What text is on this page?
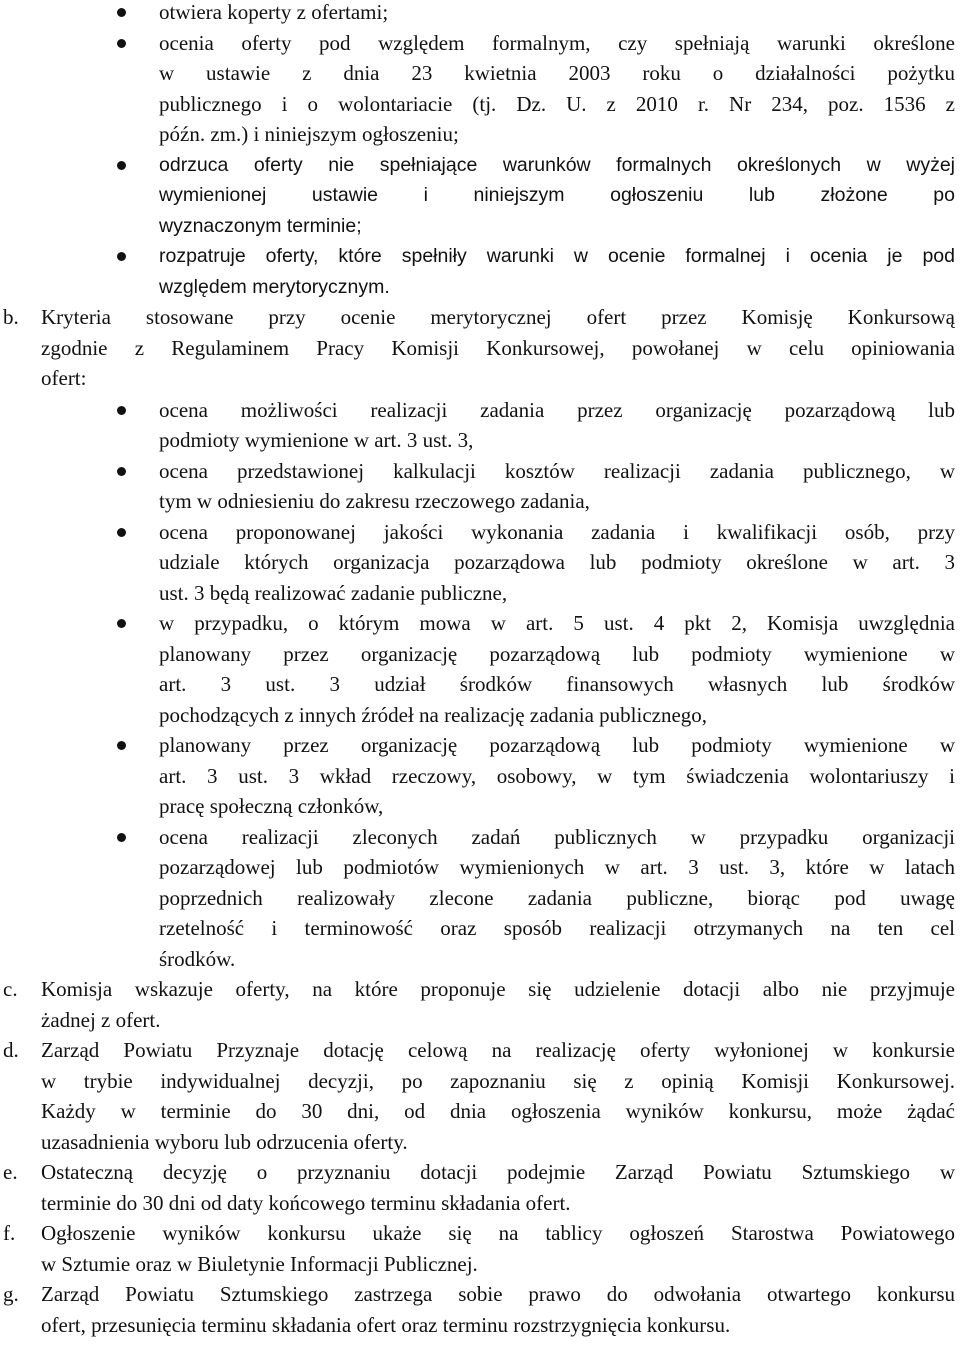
otwiera koperty z ofertami;
ocenia oferty pod względem formalnym, czy spełniają warunki określone
w ustawie z dnia 23 kwietnia 2003 roku o działalności pożytku
publicznego i o wolontariacie (tj. Dz. U. z 2010 r. Nr 234, poz. 1536 z
późn. zm.) i niniejszym ogłoszeniu;
odrzuca oferty nie spełniające warunków formalnych określonych w wyżej
wymienionej ustawie i niniejszym ogłoszeniu lub złożone po
wyznaczonym terminie;
rozpatruje oferty, które spełniły warunki w ocenie formalnej i ocenia je pod
względem merytorycznym.
b. Kryteria stosowane przy ocenie merytorycznej ofert przez Komisję Konkursową
zgodnie z Regulaminem Pracy Komisji Konkursowej, powołanej w celu opiniowania
ofert:
ocena możliwości realizacji zadania przez organizację pozarządową lub
podmioty wymienione w art. 3 ust. 3,
ocena przedstawionej kalkulacji kosztów realizacji zadania publicznego, w
tym w odniesieniu do zakresu rzeczowego zadania,
ocena proponowanej jakości wykonania zadania i kwalifikacji osób, przy
udziale których organizacja pozarządowa lub podmioty określone w art. 3
ust. 3 będą realizować zadanie publiczne,
w przypadku, o którym mowa w art. 5 ust. 4 pkt 2, Komisja uwzględnia
planowany przez organizację pozarządową lub podmioty wymienione w
art. 3 ust. 3 udział środków finansowych własnych lub środków
pochodzących z innych źródeł na realizację zadania publicznego,
planowany przez organizację pozarządową lub podmioty wymienione w
art. 3 ust. 3 wkład rzeczowy, osobowy, w tym świadczenia wolontariuszy i
pracę społeczną członków,
ocena realizacji zleconych zadań publicznych w przypadku organizacji
pozarządowej lub podmiotów wymienionych w art. 3 ust. 3, które w latach
poprzednich realizowały zlecone zadania publiczne, biorąc pod uwagę
rzetelność i terminowość oraz sposób realizacji otrzymanych na ten cel
środków.
c. Komisja wskazuje oferty, na które proponuje się udzielenie dotacji albo nie przyjmuje
żadnej z ofert.
d. Zarząd Powiatu Przyznaje dotację celową na realizację oferty wyłonionej w konkursie
w trybie indywidualnej decyzji, po zapoznaniu się z opinią Komisji Konkursowej.
Każdy w terminie do 30 dni, od dnia ogłoszenia wyników konkursu, może żądać
uzasadnienia wyboru lub odrzucenia oferty.
e. Ostateczną decyzję o przyznaniu dotacji podejmie Zarząd Powiatu Sztumskiego w
terminie do 30 dni od daty końcowego terminu składania ofert.
f. Ogłoszenie wyników konkursu ukaże się na tablicy ogłoszeń Starostwa Powiatowego
w Sztumie oraz w Biuletynie Informacji Publicznej.
g. Zarząd Powiatu Sztumskiego zastrzega sobie prawo do odwołania otwartego konkursu
ofert, przesunięcia terminu składania ofert oraz terminu rozstrzygnięcia konkursu.
